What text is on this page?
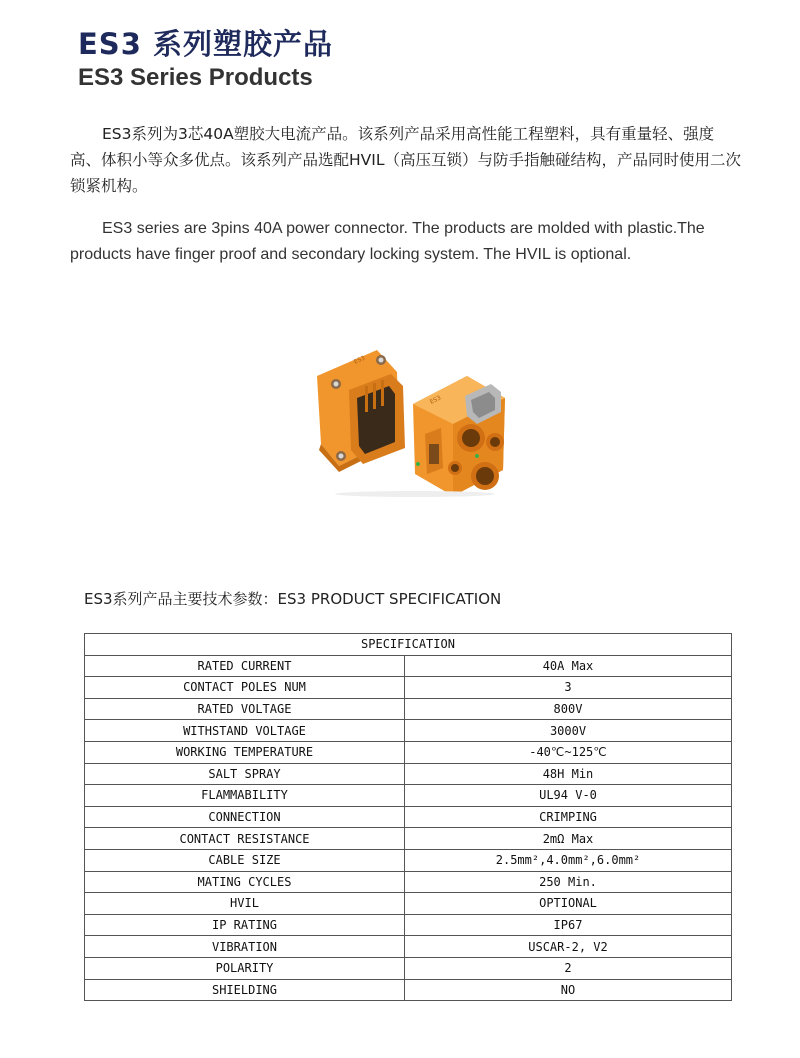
ES3 系列塑胶产品
ES3 Series Products

ES3系列为3芯40A塑胶大电流产品。该系列产品采用高性能工程塑料，具有重量轻、强度高、体积小等众多优点。该系列产品选配HVIL（高压互锁）与防手指触碰结构，产品同时使用二次锁紧机构。

ES3 series are 3pins 40A power connector. The products are molded with plastic.The products have finger proof and secondary locking system. The HVIL is optional.

ES3
ES3
ES3系列产品主要技术参数：ES3 PRODUCT SPECIFICATION
SPECIFICATION	
RATED CURRENT	40A Max
CONTACT POLES NUM	3
RATED VOLTAGE	800V
WITHSTAND VOLTAGE	3000V
WORKING TEMPERATURE	-40℃~125℃
SALT SPRAY	48H Min
FLAMMABILITY	UL94 V-0
CONNECTION	CRIMPING
CONTACT RESISTANCE	2mΩ Max
CABLE SIZE	2.5mm²,4.0mm²,6.0mm²
MATING CYCLES	250 Min.
HVIL	OPTIONAL
IP RATING	IP67
VIBRATION	USCAR-2, V2
POLARITY	2
SHIELDING	NO
